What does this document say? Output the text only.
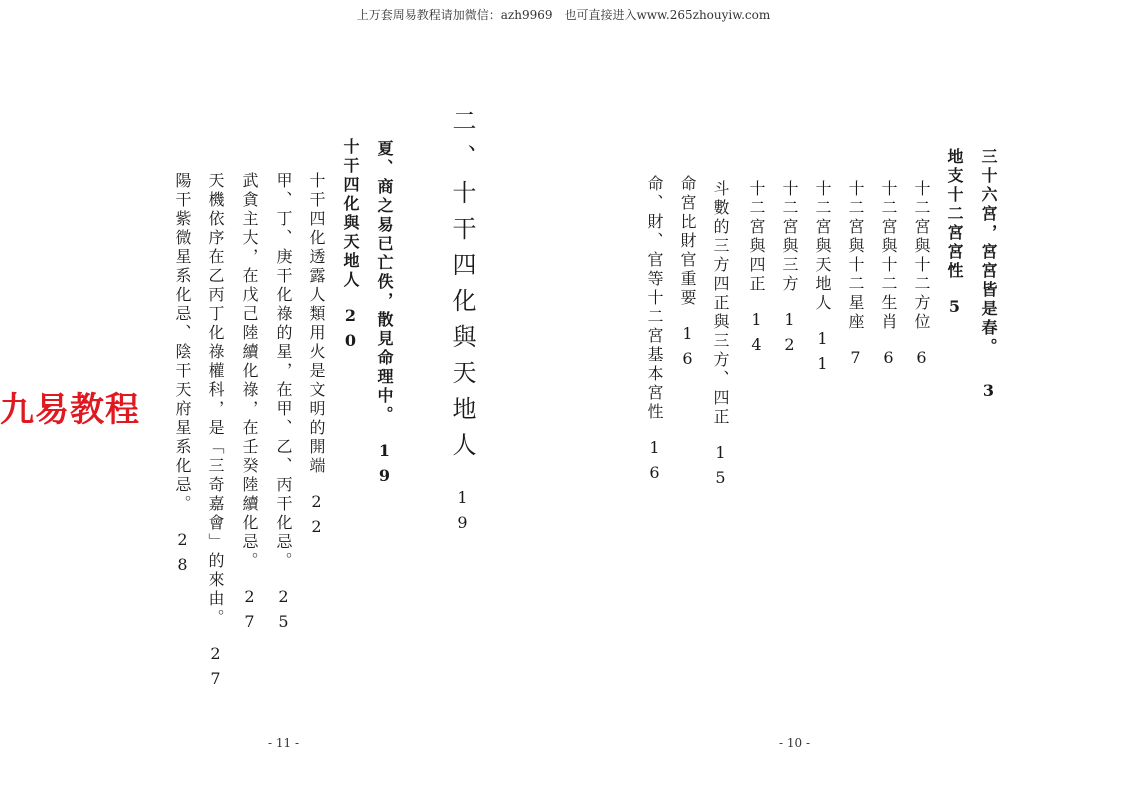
上万套周易教程请加微信：azh9969　也可直接进入www.265zhouyiw.com
三十六宮，宮宮皆是春。3
地支十二宮宮性5
十二宮與十二方位6
十二宮與十二生肖6
十二宮與十二星座7
十二宮與天地人11
十二宮與三方12
十二宮與四正14
斗數的三方四正與三方、四正15
命宮比財官重要16
命、財、官等十二宮基本宮性16
- 10 -
二、十干四化與天地人19
夏、商之易已亡佚，散見命理中。19
十干四化與天地人20
十干四化透露人類用火是文明的開端22
甲、丁、庚干化祿的星，在甲、乙、丙干化忌。25
武貪主大，在戊己陸續化祿，在壬癸陸續化忌。27
天機依序在乙丙丁化祿權科，是「三奇嘉會」的來由。27
陽干紫微星系化忌、陰干天府星系化忌。28
- 11 -
九易教程
